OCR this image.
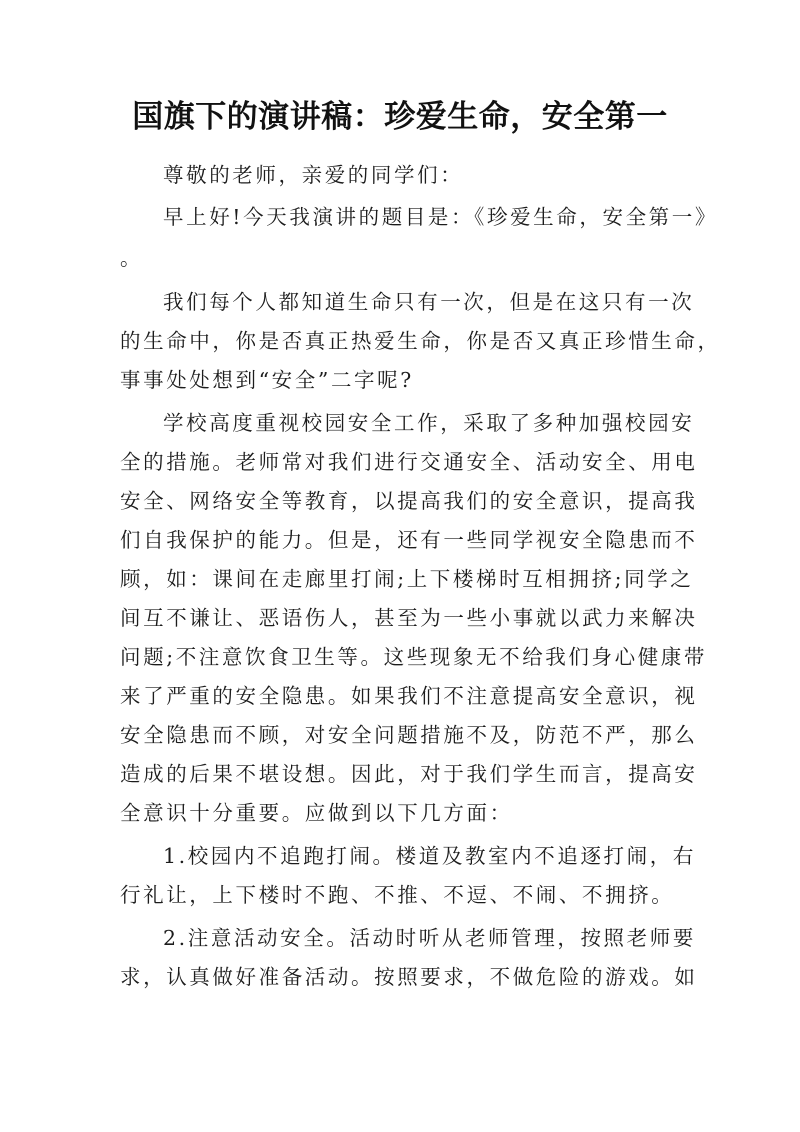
国旗下的演讲稿：珍爱生命，安全第一
尊敬的老师，亲爱的同学们：
早上好!今天我演讲的题目是：《珍爱生命，安全第一》
。
我们每个人都知道生命只有一次，但是在这只有一次
的生命中，你是否真正热爱生命，你是否又真正珍惜生命，
事事处处想到“安全”二字呢?
学校高度重视校园安全工作，采取了多种加强校园安
全的措施。老师常对我们进行交通安全、活动安全、用电
安全、网络安全等教育，以提高我们的安全意识，提高我
们自我保护的能力。但是，还有一些同学视安全隐患而不
顾，如：课间在走廊里打闹;上下楼梯时互相拥挤;同学之
间互不谦让、恶语伤人，甚至为一些小事就以武力来解决
问题;不注意饮食卫生等。这些现象无不给我们身心健康带
来了严重的安全隐患。如果我们不注意提高安全意识，视
安全隐患而不顾，对安全问题措施不及，防范不严，那么
造成的后果不堪设想。因此，对于我们学生而言，提高安
全意识十分重要。应做到以下几方面：
1.校园内不追跑打闹。楼道及教室内不追逐打闹，右
行礼让，上下楼时不跑、不推、不逗、不闹、不拥挤。
2.注意活动安全。活动时听从老师管理，按照老师要
求，认真做好准备活动。按照要求，不做危险的游戏。如
